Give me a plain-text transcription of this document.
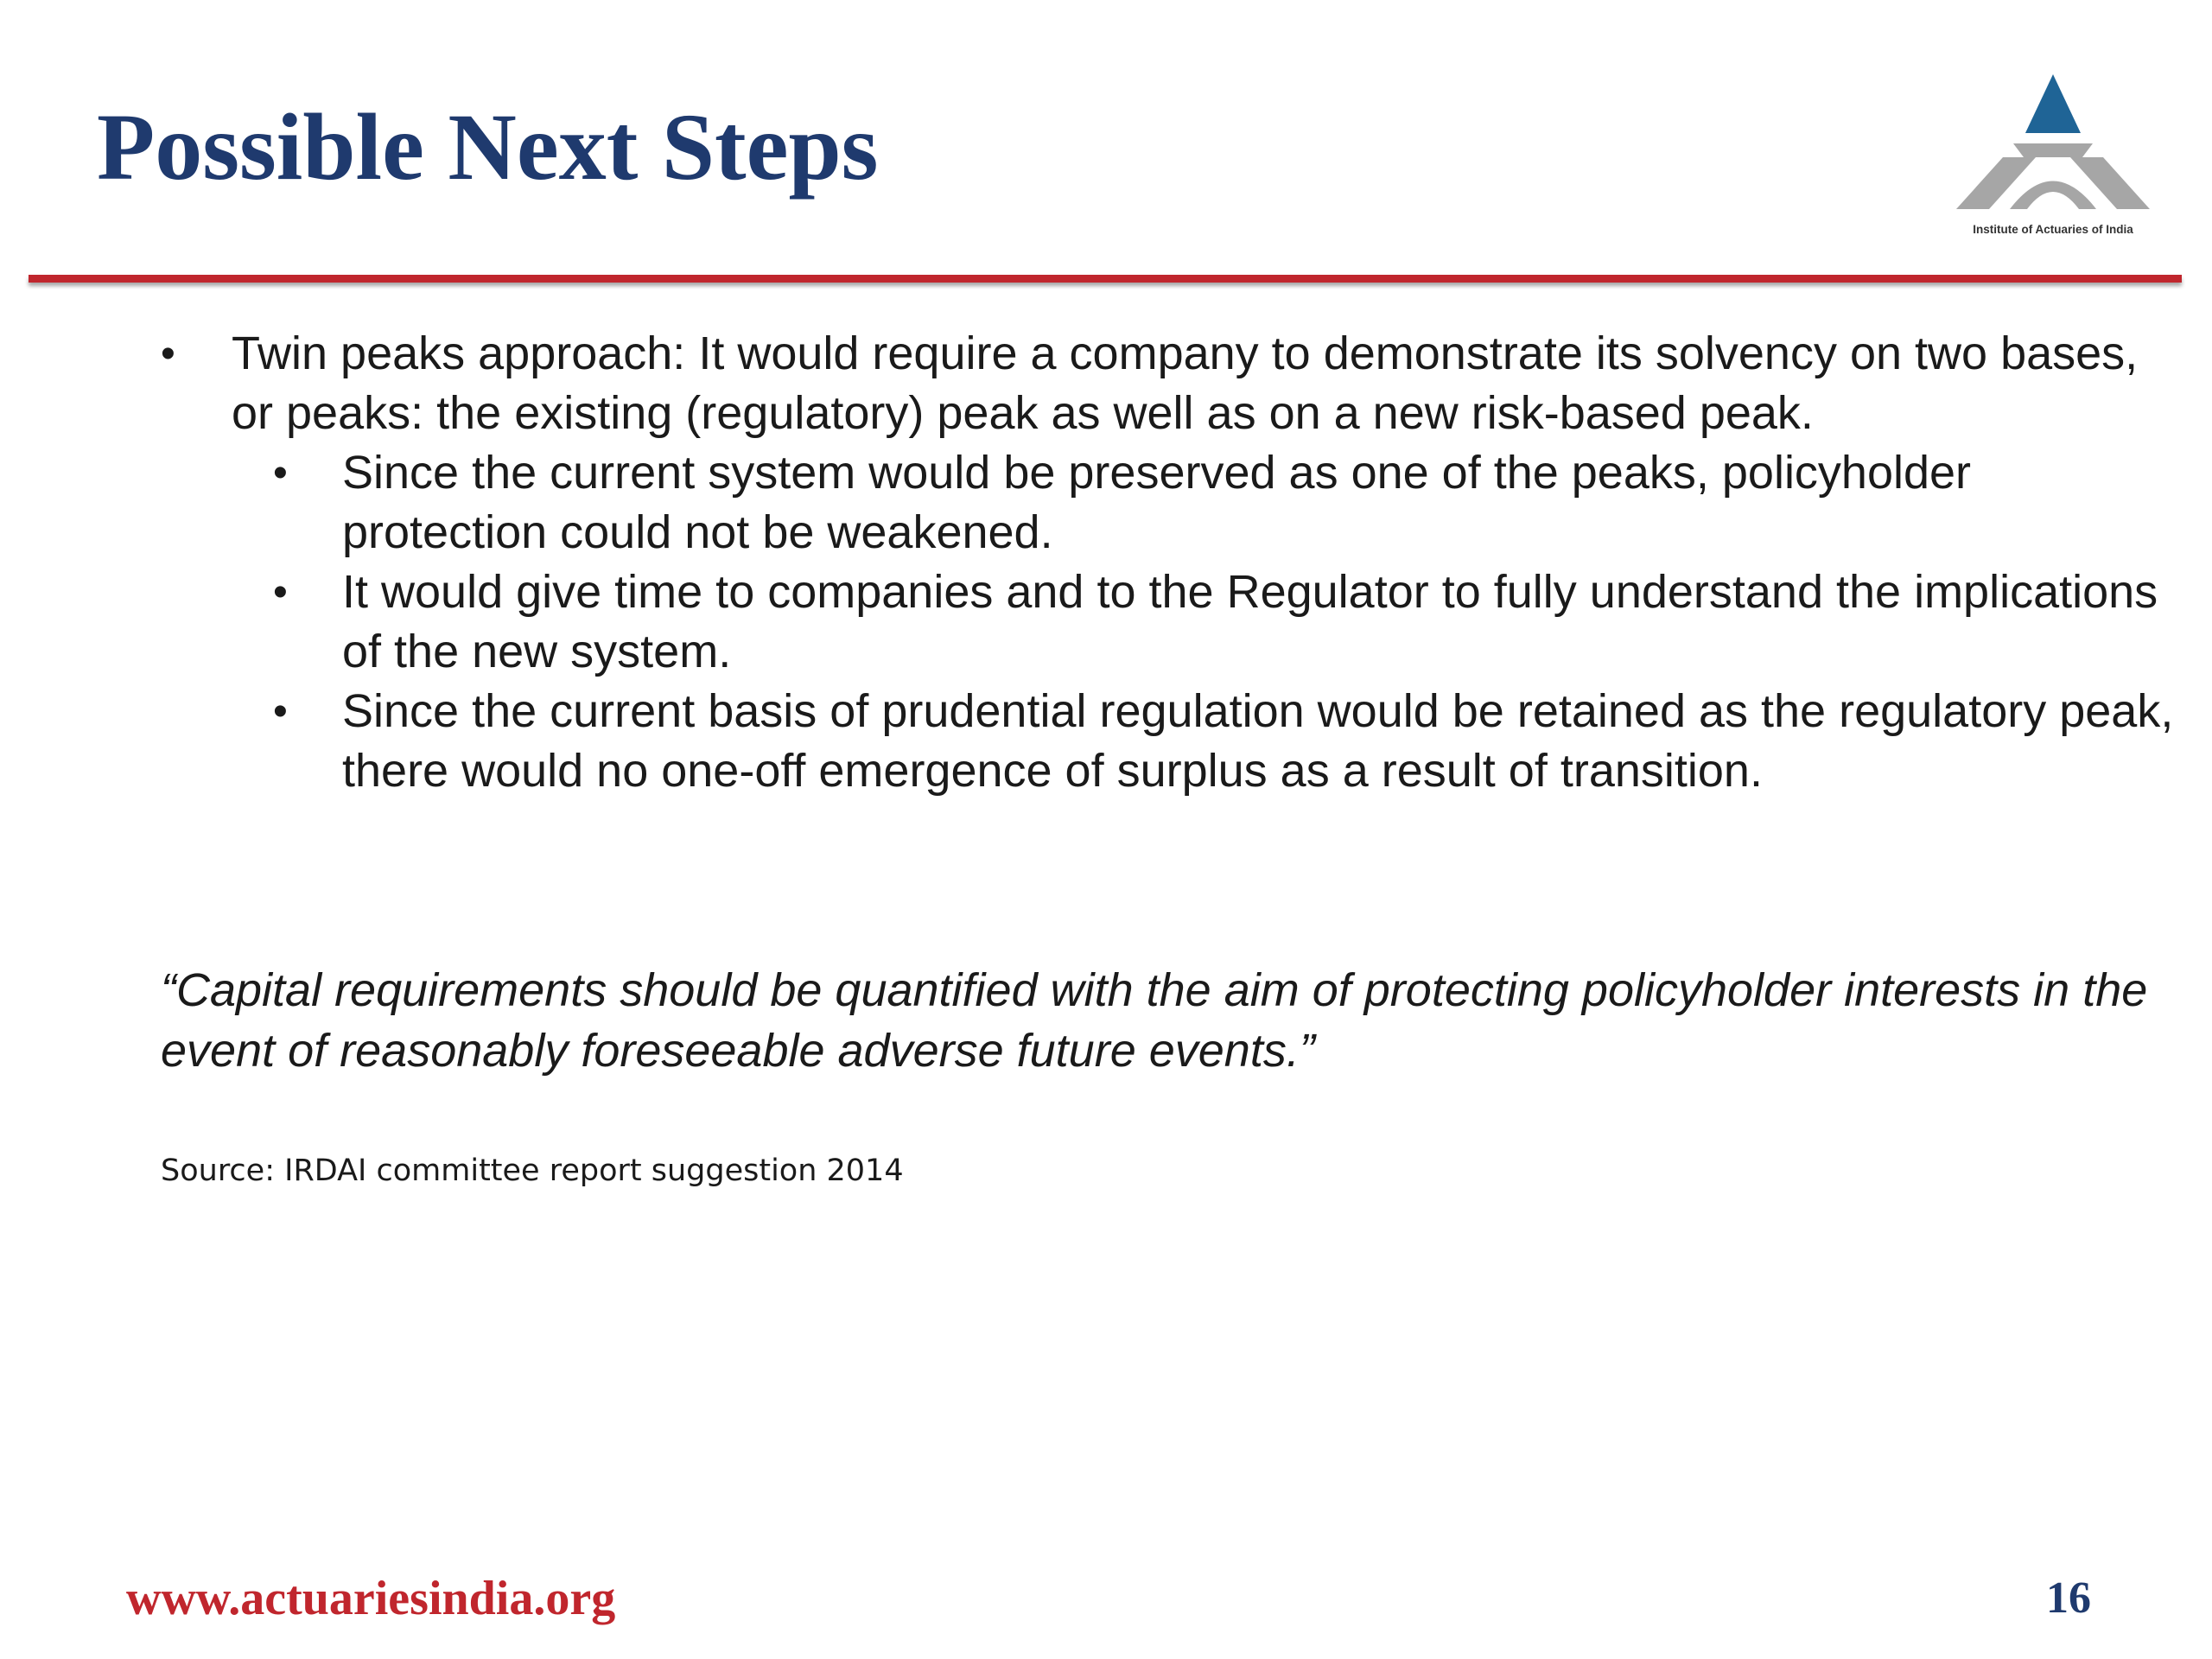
Possible Next Steps
Institute of Actuaries of India
• Twin peaks approach: It would require a company to demonstrate its solvency on two bases, or peaks: the existing (regulatory) peak as well as on a new risk-based peak.
• Since the current system would be preserved as one of the peaks, policyholder protection could not be weakened.
• It would give time to companies and to the Regulator to fully understand the implications of the new system.
• Since the current basis of prudential regulation would be retained as the regulatory peak, there would no one-off emergence of surplus as a result of transition.
“Capital requirements should be quantified with the aim of protecting policyholder interests in the event of reasonably foreseeable adverse future events.”
Source: IRDAI committee report suggestion 2014
www.actuariesindia.org	16
